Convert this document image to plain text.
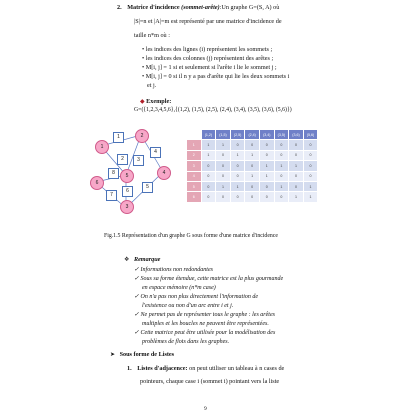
2. Matrice d'incidence (sommet-arête):Un graphe G=(S, A) où
|S|=n et |A|=m est représenté par une matrice d'incidence de
taille n*m où :
• les indices des lignes (i) représentent les sommets ;
• les indices des colonnes (j) représentent des arêtes ;
• M[i, j] = 1 si et seulement si l'arête i lie le sommet j ;
• M[i, j] = 0 si il n y a pas d'arête qui lie les deux sommets i
et j.
◆ Exemple:
G=({1,2,3,4,5,6},{(1,2), (1,5), (2,5), (2,4), (3,4), (3,5), (3,6), (5,6)})
1
2
4
6
3
5
1
2	3
4
5
6
7
8
	(1,2)	(1,5)	(2,5)	(2,4)	(3,4)	(3,5)	(3,6)	(5,6)
1	1	1	0	0	0	0	0	0
2	1	0	1	1	0	0	0	0
3	0	0	0	0	1	1	1	0
4	0	0	0	1	1	0	0	0
5	0	1	1	0	0	1	0	1
6	0	0	0	0	0	0	1	1
Fig.1.5 Représentation d'un graphe G sous forme d'une matrice d'incidence
❖ Remarque
✓ Informations non redondantes
✓ Sous sa forme étendue, cette matrice est la plus gourmande
en espace mémoire (n*m case)
✓ On n'a pas non plus directement l'information de
l'existence ou non d'un arc entre i et j.
✓ Ne permet pas de représenter tous le graphe : les arêtes
multiples et les boucles ne peuvent être représentées.
✓ Cette matrice peut être utilisée pour la modélisation des
problèmes de flots dans les graphes.
➤ Sous forme de Listes
1. Listes d'adjacence: on peut utiliser un tableau à n cases de
pointeurs, chaque case i (sommet i) pointant vers la liste
9
